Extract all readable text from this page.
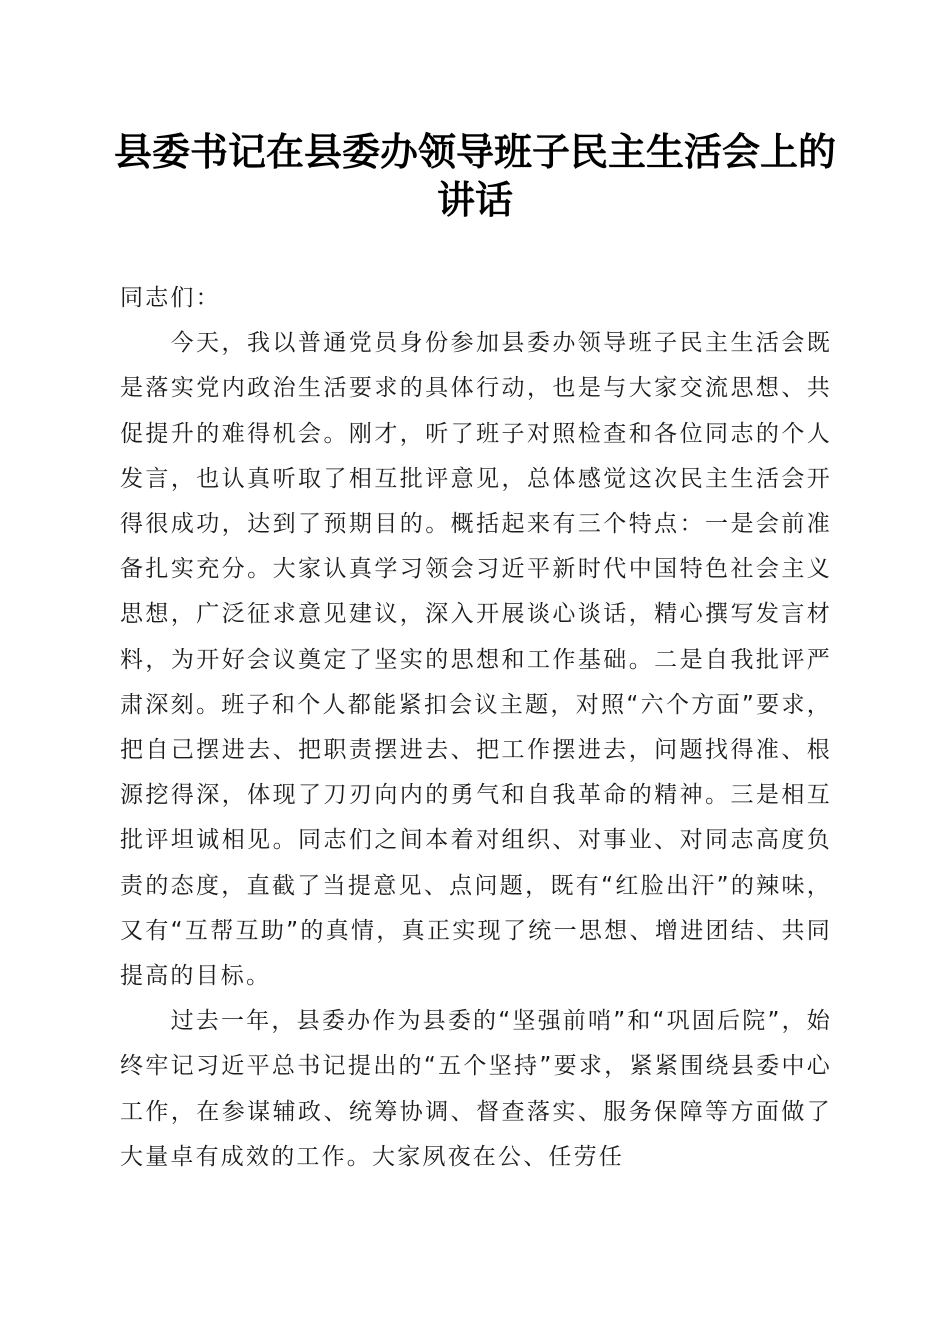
县委书记在县委办领导班子民主生活会上的讲话

同志们：

今天，我以普通党员身份参加县委办领导班子民主生活会既是落实党内政治生活要求的具体行动，也是与大家交流思想、共促提升的难得机会。刚才，听了班子对照检查和各位同志的个人发言，也认真听取了相互批评意见，总体感觉这次民主生活会开得很成功，达到了预期目的。概括起来有三个特点：一是会前准备扎实充分。大家认真学习领会习近平新时代中国特色社会主义思想，广泛征求意见建议，深入开展谈心谈话，精心撰写发言材料，为开好会议奠定了坚实的思想和工作基础。二是自我批评严肃深刻。班子和个人都能紧扣会议主题，对照“六个方面”要求，把自己摆进去、把职责摆进去、把工作摆进去，问题找得准、根源挖得深，体现了刀刃向内的勇气和自我革命的精神。三是相互批评坦诚相见。同志们之间本着对组织、对事业、对同志高度负责的态度，直截了当提意见、点问题，既有“红脸出汗”的辣味，又有“互帮互助”的真情，真正实现了统一思想、增进团结、共同提高的目标。

过去一年，县委办作为县委的“坚强前哨”和“巩固后院”，始终牢记习近平总书记提出的“五个坚持”要求，紧紧围绕县委中心工作，在参谋辅政、统筹协调、督查落实、服务保障等方面做了大量卓有成效的工作。大家夙夜在公、任劳任
